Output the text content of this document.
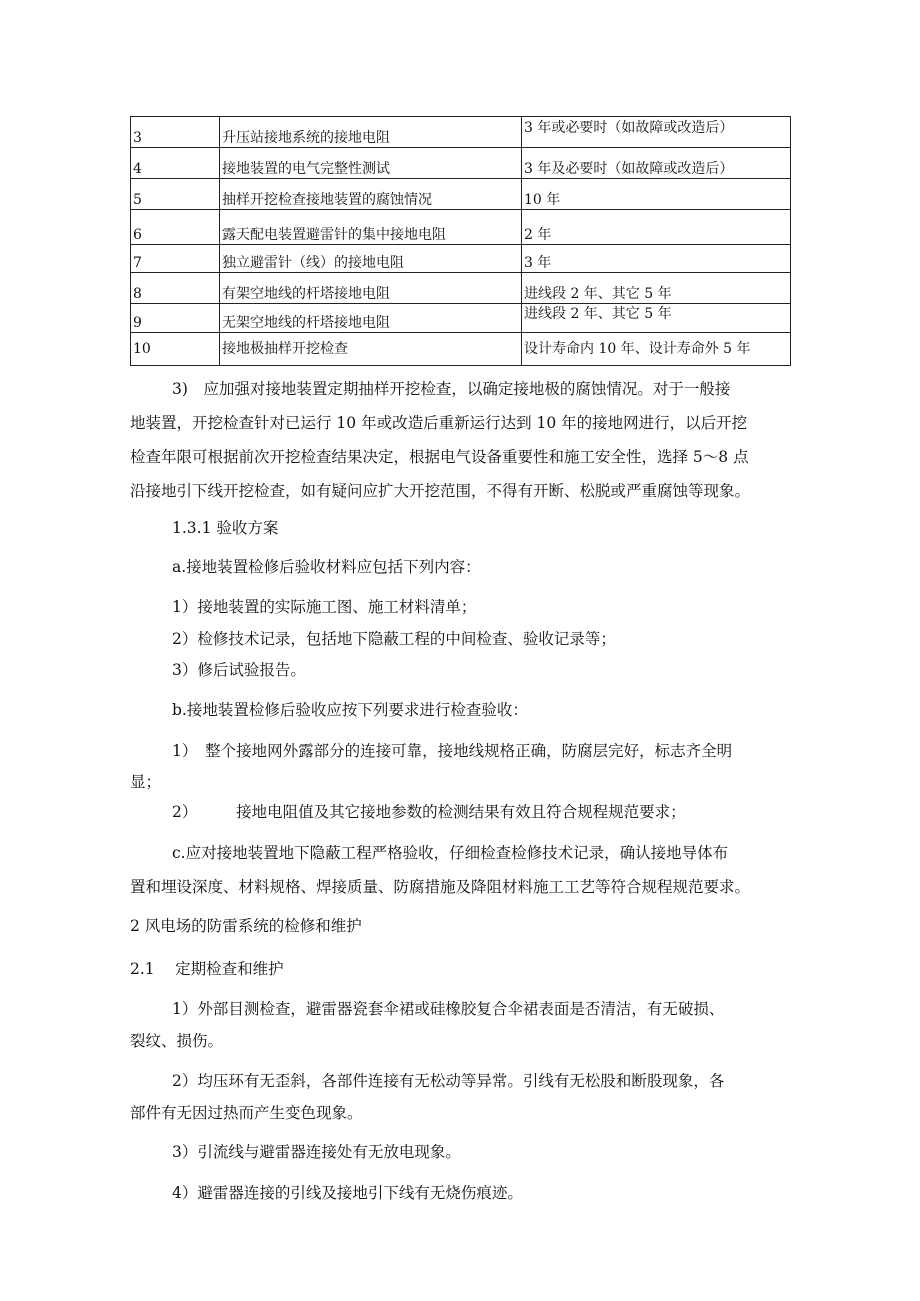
3	升压站接地系统的接地电阻	3 年或必要时（如故障或改造后）
4	接地装置的电气完整性测试	3 年及必要时（如故障或改造后）
5	抽样开挖检查接地装置的腐蚀情况	10 年
6	露天配电装置避雷针的集中接地电阻	2 年
7	独立避雷针（线）的接地电阻	3 年
8	有架空地线的杆塔接地电阻	进线段 2 年、其它 5 年
9	无架空地线的杆塔接地电阻	进线段 2 年、其它 5 年
10	接地极抽样开挖检查	设计寿命内 10 年、设计寿命外 5 年
3)　应加强对接地装置定期抽样开挖检查，以确定接地极的腐蚀情况。对于一般接
地装置，开挖检查针对已运行 10 年或改造后重新运行达到 10 年的接地网进行，以后开挖
检查年限可根据前次开挖检查结果决定，根据电气设备重要性和施工安全性，选择 5～8 点
沿接地引下线开挖检查，如有疑问应扩大开挖范围，不得有开断、松脱或严重腐蚀等现象。
1.3.1 验收方案
a.接地装置检修后验收材料应包括下列内容：
1）接地装置的实际施工图、施工材料清单；
2）检修技术记录，包括地下隐蔽工程的中间检查、验收记录等；
3）修后试验报告。
b.接地装置检修后验收应按下列要求进行检查验收：
1）　整个接地网外露部分的连接可靠，接地线规格正确，防腐层完好，标志齐全明
显；
2）　　　接地电阻值及其它接地参数的检测结果有效且符合规程规范要求；
c.应对接地装置地下隐蔽工程严格验收，仔细检查检修技术记录，确认接地导体布
置和埋设深度、材料规格、焊接质量、防腐措施及降阻材料施工工艺等符合规程规范要求。
2 风电场的防雷系统的检修和维护
2.1　 定期检查和维护
1）外部目测检查，避雷器瓷套伞裙或硅橡胶复合伞裙表面是否清洁，有无破损、
裂纹、损伤。
2）均压环有无歪斜，各部件连接有无松动等异常。引线有无松股和断股现象，各
部件有无因过热而产生变色现象。
3）引流线与避雷器连接处有无放电现象。
4）避雷器连接的引线及接地引下线有无烧伤痕迹。
